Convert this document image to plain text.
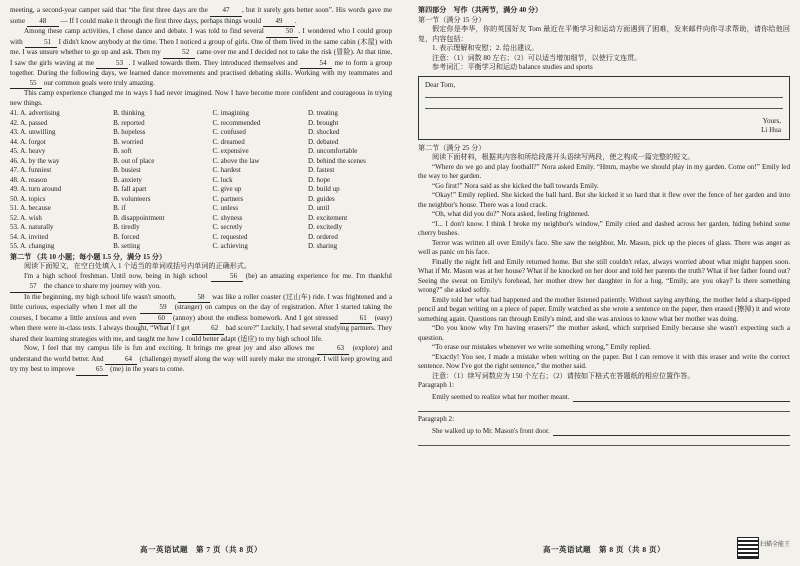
meeting, a second-year camper said that “the first three days are the 47 , but it surely gets better soon”. His words gave me some 48 — If I could make it through the first three days, perhaps things would 49 .

Among these camp activities, I chose dance and debate. I was told to find several	50 . I wondered who I could group with	51 I didn't know anybody at the time. Then I noticed a group of girls. One of them lived in the same cabin (木屋) with me. I was unsure whether to go up and ask. Then my	52 came over me and I decided not to take the risk (冒险). At that time, I saw the girls waving at me	53 . I walked towards them. They introduced themselves and	54 me to form a group together. During the following days, we learned dance movements and practised debating skills. Working with my teammates and 55 our common goals were truly amazing.

This camp experience changed me in ways I had never imagined. Now I have become more confident and courageous in trying new things.

41. A. advertising	B. thinking	C. imagining	D. treating
42. A. passed	B. reported	C. recommended	D. brought
43. A. unwilling	B. hopeless	C. confused	D. shocked
44. A. forgot	B. worried	C. dreamed	D. debated
45. A. heavy	B. soft	C. expensive	D. uncomfortable
46. A. by the way	B. out of place	C. above the law	D. behind the scenes
47. A. funniest	B. busiest	C. hardest	D. fastest
48. A. reason	B. anxiety	C. luck	D. hope
49. A. turn around	B. fall apart	C. give up	D. build up
50. A. topics	B. volunteers	C. partners	D. guides
51. A. because	B. if	C. unless	D. until
52. A. wish	B. disappointment	C. shyness	D. excitement
53. A. naturally	B. tiredly	C. secretly	D. excitedly
54. A. invited	B. forced	C. requested	D. ordered
55. A. changing	B. setting	C. achieving	D. sharing

第二节 （共 10 小题；每小题 1.5 分，满分 15 分）

阅读下面短文，在空白处填入 1 个适当的单词或括号内单词的正确形式。

I'm a high school freshman. Until now, being in high school	56 (be) an amazing experience for me. I'm thankful 57 the chance to share my journey with you.

In the beginning, my high school life wasn't smooth,	58 was like a roller coaster (过山车) ride. I was frightened and a little curious, especially when I met all the	59 (stranger) on campus on the day of registration. After I started taking the courses, I became a little anxious and even	60 (annoy) about the endless homework. And I got stressed	61 (easy) when there were in-class tests. I always thought, “What if I get	62 bad score?” Luckily, I had several studying partners. They shared their learning strategies with me, and taught me how I could better adapt (适应) to my high school life.

Now, I feel that my campus life is fun and exciting. It brings me great joy and also allows me	63 (explore) and understand the world better. And	64 (challenge) myself along the way will surely make me stronger. I will keep growing and try my best to improve	65 (me) in the years to come.

高一英语试题　第 7 页（共 8 页）

第四部分　写作（共两节，满分 40 分）

第一节（满分 15 分）

假定你是李华，你的英国好友 Tom 最近在平衡学习和运动方面遇到了困难，发来邮件向你寻求帮助，请你给他回复，内容包括：

1. 表示理解和安慰；2. 给出建议。

注意：（1）词数 80 左右；（2）可以适当增加细节，以使行文连贯。

参考词汇：平衡学习和运动 balance studies and sports

Dear Tom,
Yours,
Li Hua

第二节（满分 25 分）

阅读下面材料，根据其内容和所给段落开头语续写两段，使之构成一篇完整的短文。

“Where do we go and play football?” Nora asked Emily. “Hmm, maybe we should play in my garden. Come on!” Emily led the way to her garden.

“Go first!” Nora said as she kicked the ball towards Emily.

“Okay!” Emily replied. She kicked the ball hard. But she kicked it so hard that it flew over the fence of her garden and into the neighbor's house. There was a loud crack.

“Oh, what did you do?” Nora asked, feeling frightened.

“I... I don't know. I think I broke my neighbor's window,” Emily cried and dashed across her garden, hiding behind some cherry bushes.

Terror was written all over Emily's face. She saw the neighbor, Mr. Mason, pick up the pieces of glass. There was anger as well as panic on his face.

Finally the night fell and Emily returned home. But she still couldn't relax, always worried about what might happen soon. What if Mr. Mason was at her house? What if he knocked on her door and told her parents the truth? What if her father found out? Seeing the sweat on Emily's forehead, her mother drew her daughter in for a hug. “Emily, are you okay? Is there something wrong?” she asked softly.

Emily told her what had happened and the mother listened patiently. Without saying anything, the mother held a sharp-tipped pencil and began writing on a piece of paper. Emily watched as she wrote a sentence on the paper, then erased (擦掉) it and wrote something again. Questions ran through Emily's mind, and she was anxious to know what her mother was doing.

“Do you know why I'm having erasers?” the mother asked, which surprised Emily because she wasn't expecting such a question.

“To erase our mistakes whenever we write something wrong,” Emily replied.

“Exactly! You see, I made a mistake when writing on the paper. But I can remove it with this eraser and write the correct sentence. Now I've got the right sentence,” the mother said.

注意：（1）续写词数应为 150 个左右；（2）请按如下格式在答题纸的相应位置作答。

Paragraph 1:

Emily seemed to realize what her mother meant.

Paragraph 2:

She walked up to Mr. Mason's front door.
高一英语试题　第 8 页（共 8 页）	扫描全能王
